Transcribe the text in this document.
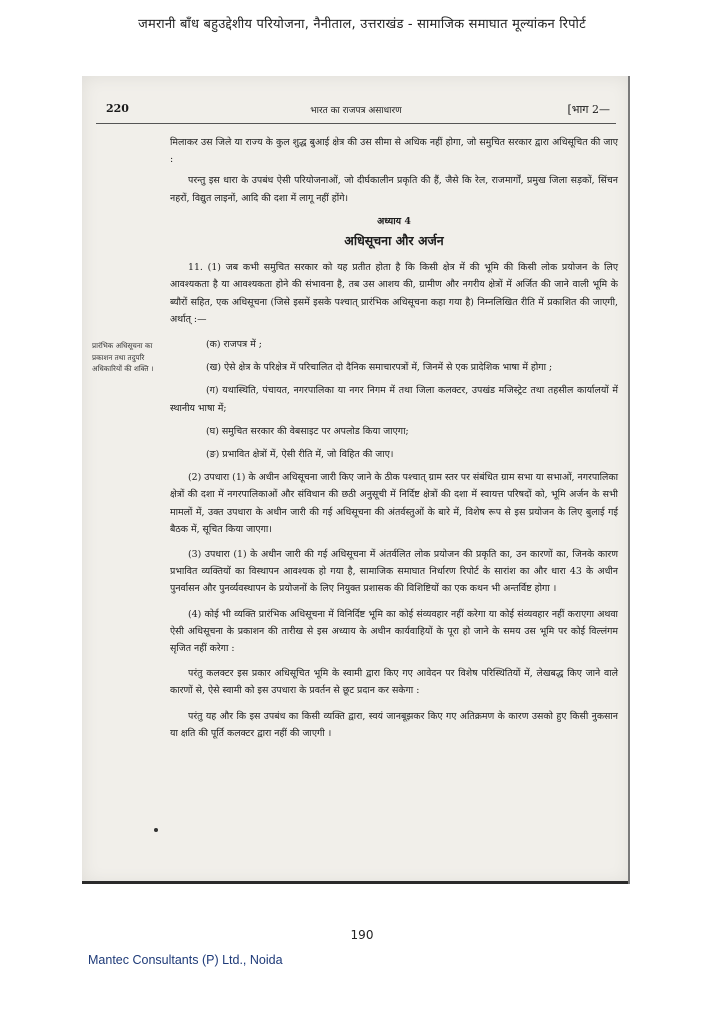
जमरानी बाँध बहुउद्देशीय परियोजना, नैनीताल, उत्तराखंड - सामाजिक समाघात मूल्यांकन रिपोर्ट
220	भारत का राजपत्र असाधारण	[भाग 2—
प्रारंभिक अधिसूचना का प्रकाशन तथा तदुपरि अधिकारियों की शक्ति ।

मिलाकर उस जिले या राज्य के कुल शुद्ध बुआई क्षेत्र की उस सीमा से अधिक नहीं होगा, जो समुचित सरकार द्वारा अधिसूचित की जाए :

परन्तु इस धारा के उपबंध ऐसी परियोजनाओं, जो दीर्घकालीन प्रकृति की हैं, जैसे कि रेल, राजमार्गों, प्रमुख जिला सड़कों, सिंचन नहरों, विद्युत लाइनों, आदि की दशा में लागू नहीं होंगे।

अध्याय 4

अधिसूचना और अर्जन

11. (1) जब कभी समुचित सरकार को यह प्रतीत होता है कि किसी क्षेत्र में की भूमि की किसी लोक प्रयोजन के लिए आवश्यकता है या आवश्यकता होने की संभावना है, तब उस आशय की, ग्रामीण और नगरीय क्षेत्रों में अर्जित की जाने वाली भूमि के ब्यौरों सहित, एक अधिसूचना (जिसे इसमें इसके पश्चात् प्रारंभिक अधिसूचना कहा गया है) निम्नलिखित रीति में प्रकाशित की जाएगी, अर्थात् :—

(क) राजपत्र में ;

(ख) ऐसे क्षेत्र के परिक्षेत्र में परिचालित दो दैनिक समाचारपत्रों में, जिनमें से एक प्रादेशिक भाषा में होगा ;

(ग) यथास्थिति, पंचायत, नगरपालिका या नगर निगम में तथा जिला कलक्टर, उपखंड मजिस्ट्रेट तथा तहसील कार्यालयों में स्थानीय भाषा में;

(घ) समुचित सरकार की वेबसाइट पर अपलोड किया जाएगा;

(ङ) प्रभावित क्षेत्रों में, ऐसी रीति में, जो विहित की जाए।

(2) उपधारा (1) के अधीन अधिसूचना जारी किए जाने के ठीक पश्चात् ग्राम स्तर पर संबंधित ग्राम सभा या सभाओं, नगरपालिका क्षेत्रों की दशा में नगरपालिकाओं और संविधान की छठी अनुसूची में निर्दिष्ट क्षेत्रों की दशा में स्वायत्त परिषदों को, भूमि अर्जन के सभी मामलों में, उक्त उपधारा के अधीन जारी की गई अधिसूचना की अंतर्वस्तुओं के बारे में, विशेष रूप से इस प्रयोजन के लिए बुलाई गई बैठक में, सूचित किया जाएगा।

(3) उपधारा (1) के अधीन जारी की गई अधिसूचना में अंतर्वलित लोक प्रयोजन की प्रकृति का, उन कारणों का, जिनके कारण प्रभावित व्यक्तियों का विस्थापन आवश्यक हो गया है, सामाजिक समाघात निर्धारण रिपोर्ट के सारांश का और धारा 43 के अधीन पुनर्वासन और पुनर्व्यवस्थापन के प्रयोजनों के लिए नियुक्त प्रशासक की विशिष्टियों का एक कथन भी अन्तर्विष्ट होगा ।

(4) कोई भी व्यक्ति प्रारंभिक अधिसूचना में विनिर्दिष्ट भूमि का कोई संव्यवहार नहीं करेगा या कोई संव्यवहार नहीं कराएगा अथवा ऐसी अधिसूचना के प्रकाशन की तारीख से इस अध्याय के अधीन कार्यवाहियों के पूरा हो जाने के समय उस भूमि पर कोई विल्लंगम सृजित नहीं करेगा :

परंतु कलक्टर इस प्रकार अधिसूचित भूमि के स्वामी द्वारा किए गए आवेदन पर विशेष परिस्थितियों में, लेखबद्ध किए जाने वाले कारणों से, ऐसे स्वामी को इस उपधारा के प्रवर्तन से छूट प्रदान कर सकेगा :

परंतु यह और कि इस उपबंध का किसी व्यक्ति द्वारा, स्वयं जानबूझकर किए गए अतिक्रमण के कारण उसको हुए किसी नुकसान या क्षति की पूर्ति कलक्टर द्वारा नहीं की जाएगी ।

190
Mantec Consultants (P) Ltd., Noida
